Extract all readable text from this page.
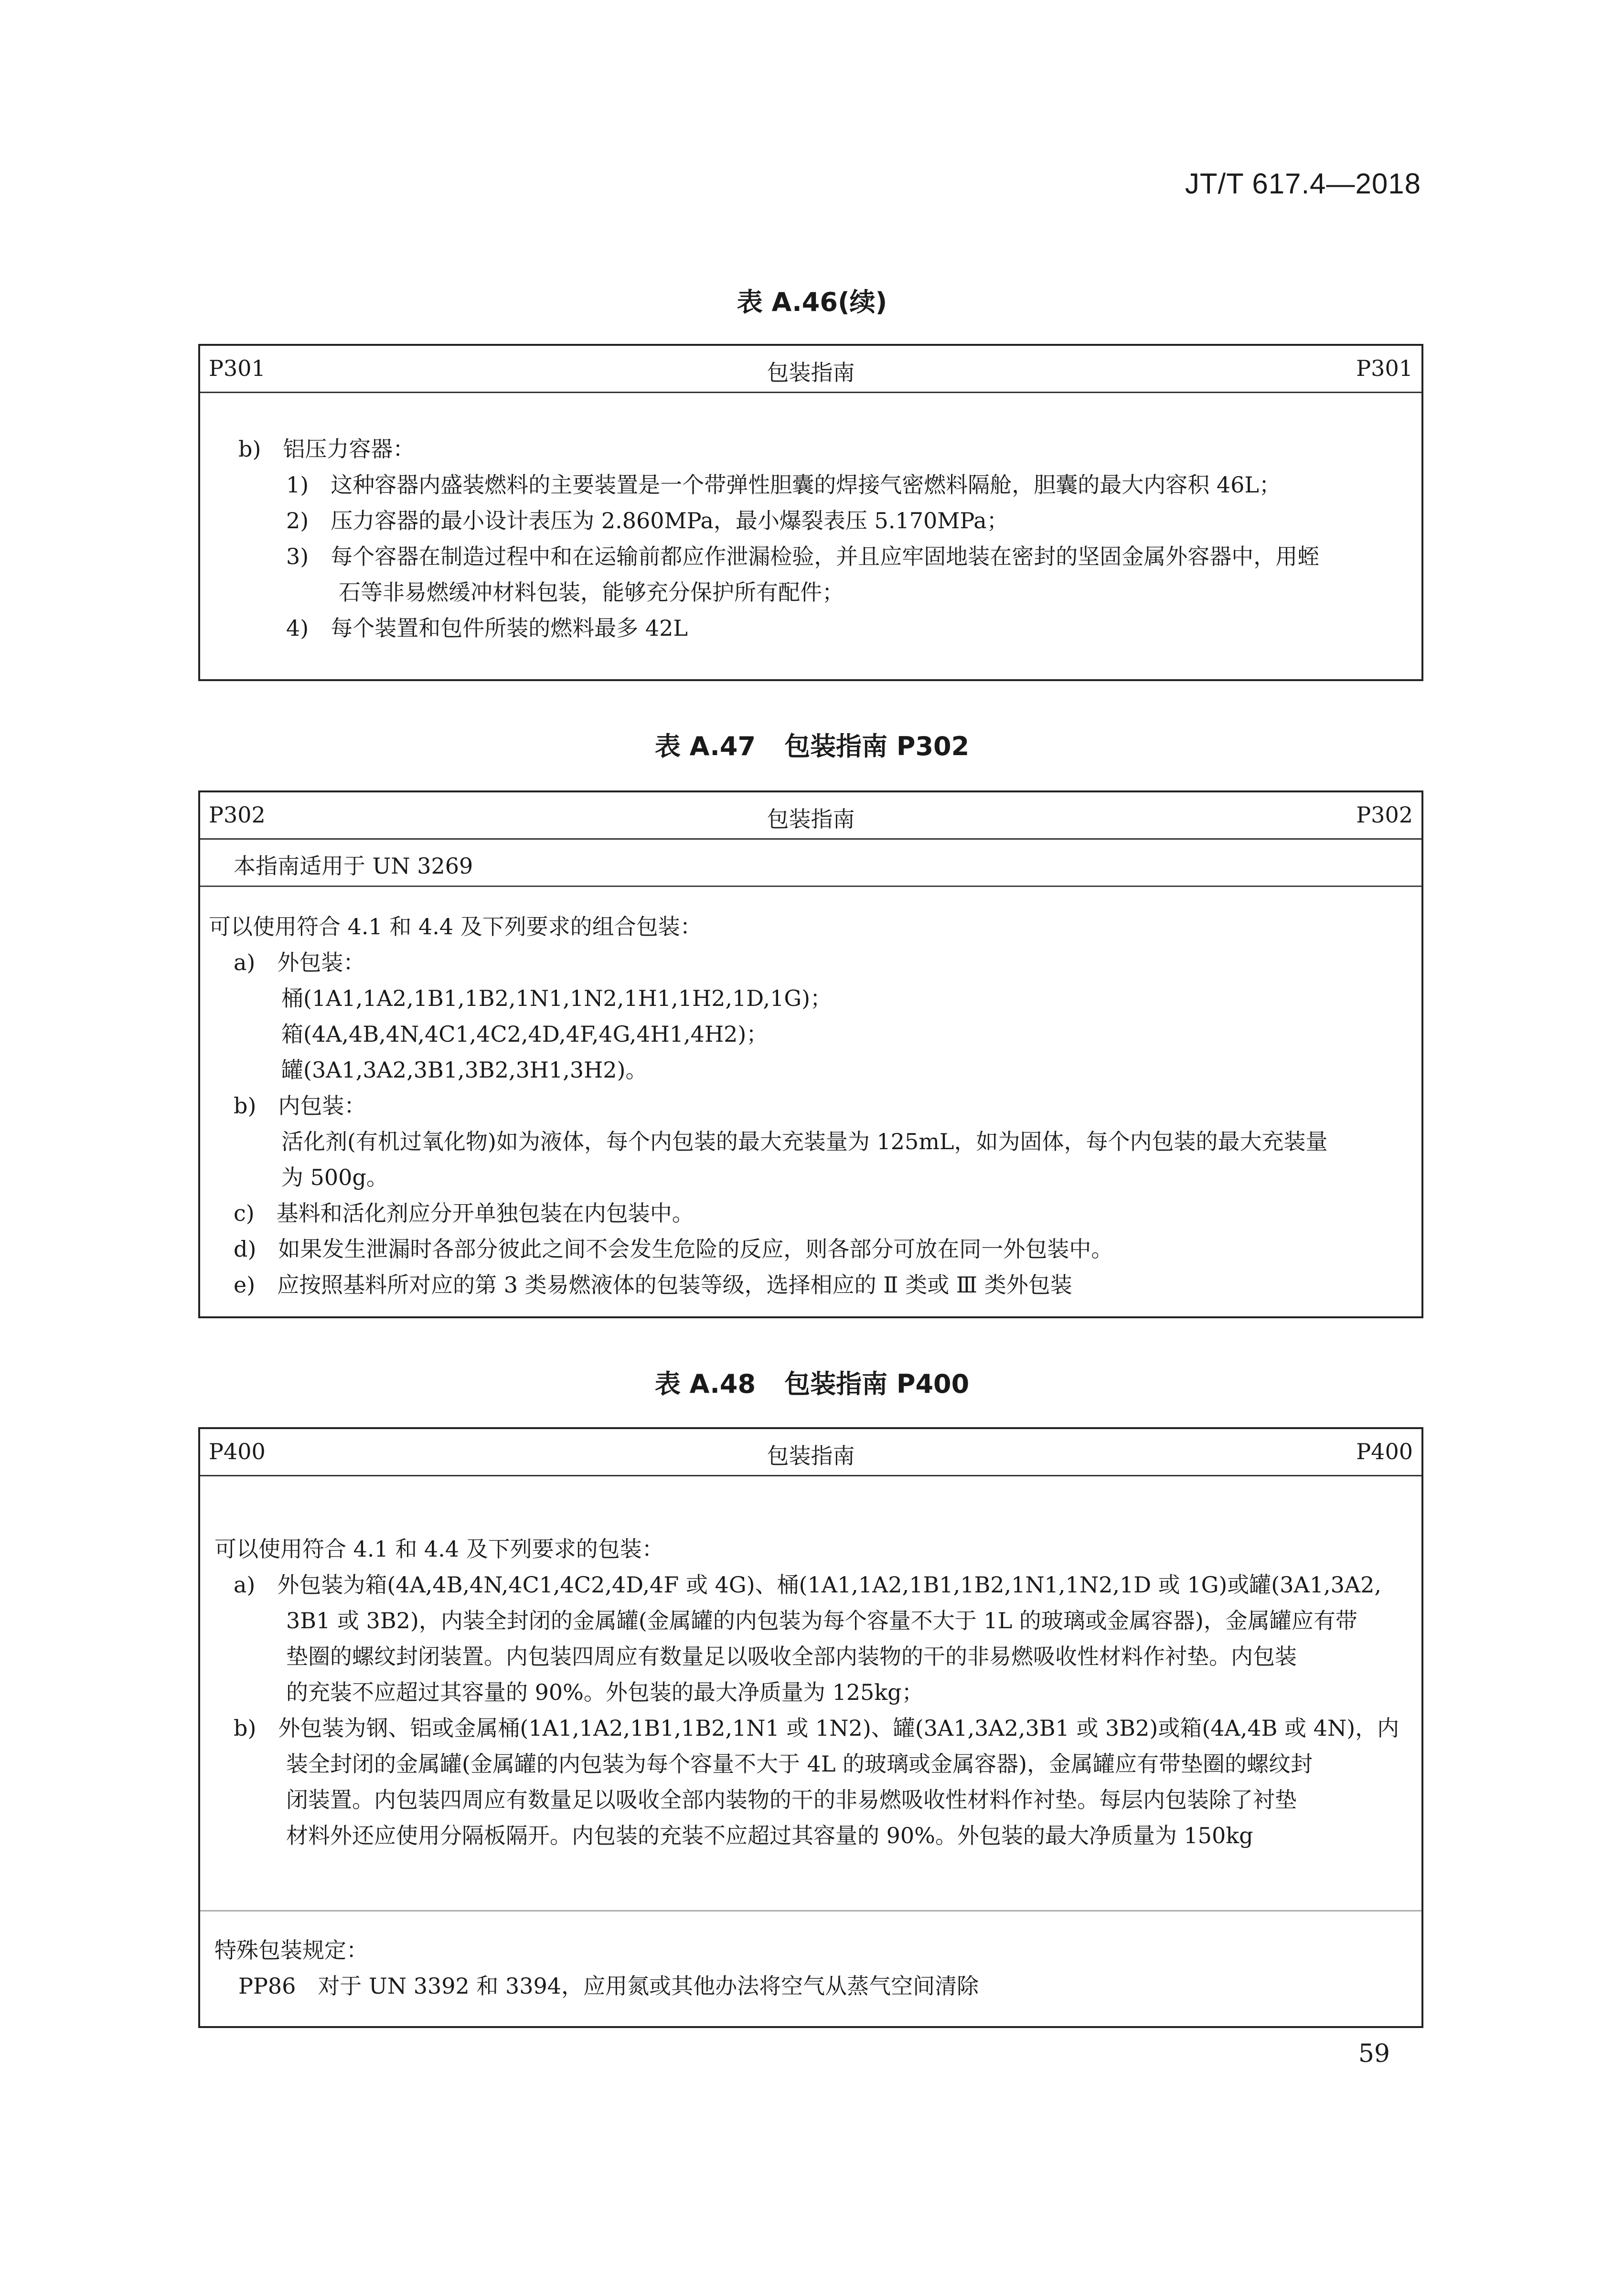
JT/T 617.4—2018
表 A.46(续)
P301	包装指南	P301
b)　铝压力容器：
1)　这种容器内盛装燃料的主要装置是一个带弹性胆囊的焊接气密燃料隔舱，胆囊的最大内容积 46L；
2)　压力容器的最小设计表压为 2.860MPa，最小爆裂表压 5.170MPa；
3)　每个容器在制造过程中和在运输前都应作泄漏检验，并且应牢固地装在密封的坚固金属外容器中，用蛭
石等非易燃缓冲材料包装，能够充分保护所有配件；
4)　每个装置和包件所装的燃料最多 42L
表 A.47 包装指南 P302
P302	包装指南	P302
本指南适用于 UN 3269
可以使用符合 4.1 和 4.4 及下列要求的组合包装：
a)　外包装：
桶(1A1,1A2,1B1,1B2,1N1,1N2,1H1,1H2,1D,1G)；
箱(4A,4B,4N,4C1,4C2,4D,4F,4G,4H1,4H2)；
罐(3A1,3A2,3B1,3B2,3H1,3H2)。
b)　内包装：
活化剂(有机过氧化物)如为液体，每个内包装的最大充装量为 125mL，如为固体，每个内包装的最大充装量
为 500g。
c)　基料和活化剂应分开单独包装在内包装中。
d)　如果发生泄漏时各部分彼此之间不会发生危险的反应，则各部分可放在同一外包装中。
e)　应按照基料所对应的第 3 类易燃液体的包装等级，选择相应的 Ⅱ 类或 Ⅲ 类外包装
表 A.48 包装指南 P400
P400	包装指南	P400
可以使用符合 4.1 和 4.4 及下列要求的包装：
a)　外包装为箱(4A,4B,4N,4C1,4C2,4D,4F 或 4G)、桶(1A1,1A2,1B1,1B2,1N1,1N2,1D 或 1G)或罐(3A1,3A2,
3B1 或 3B2)，内装全封闭的金属罐(金属罐的内包装为每个容量不大于 1L 的玻璃或金属容器)，金属罐应有带
垫圈的螺纹封闭装置。内包装四周应有数量足以吸收全部内装物的干的非易燃吸收性材料作衬垫。内包装
的充装不应超过其容量的 90%。外包装的最大净质量为 125kg；
b)　外包装为钢、铝或金属桶(1A1,1A2,1B1,1B2,1N1 或 1N2)、罐(3A1,3A2,3B1 或 3B2)或箱(4A,4B 或 4N)，内
装全封闭的金属罐(金属罐的内包装为每个容量不大于 4L 的玻璃或金属容器)，金属罐应有带垫圈的螺纹封
闭装置。内包装四周应有数量足以吸收全部内装物的干的非易燃吸收性材料作衬垫。每层内包装除了衬垫
材料外还应使用分隔板隔开。内包装的充装不应超过其容量的 90%。外包装的最大净质量为 150kg
特殊包装规定：
PP86　对于 UN 3392 和 3394，应用氮或其他办法将空气从蒸气空间清除
59
